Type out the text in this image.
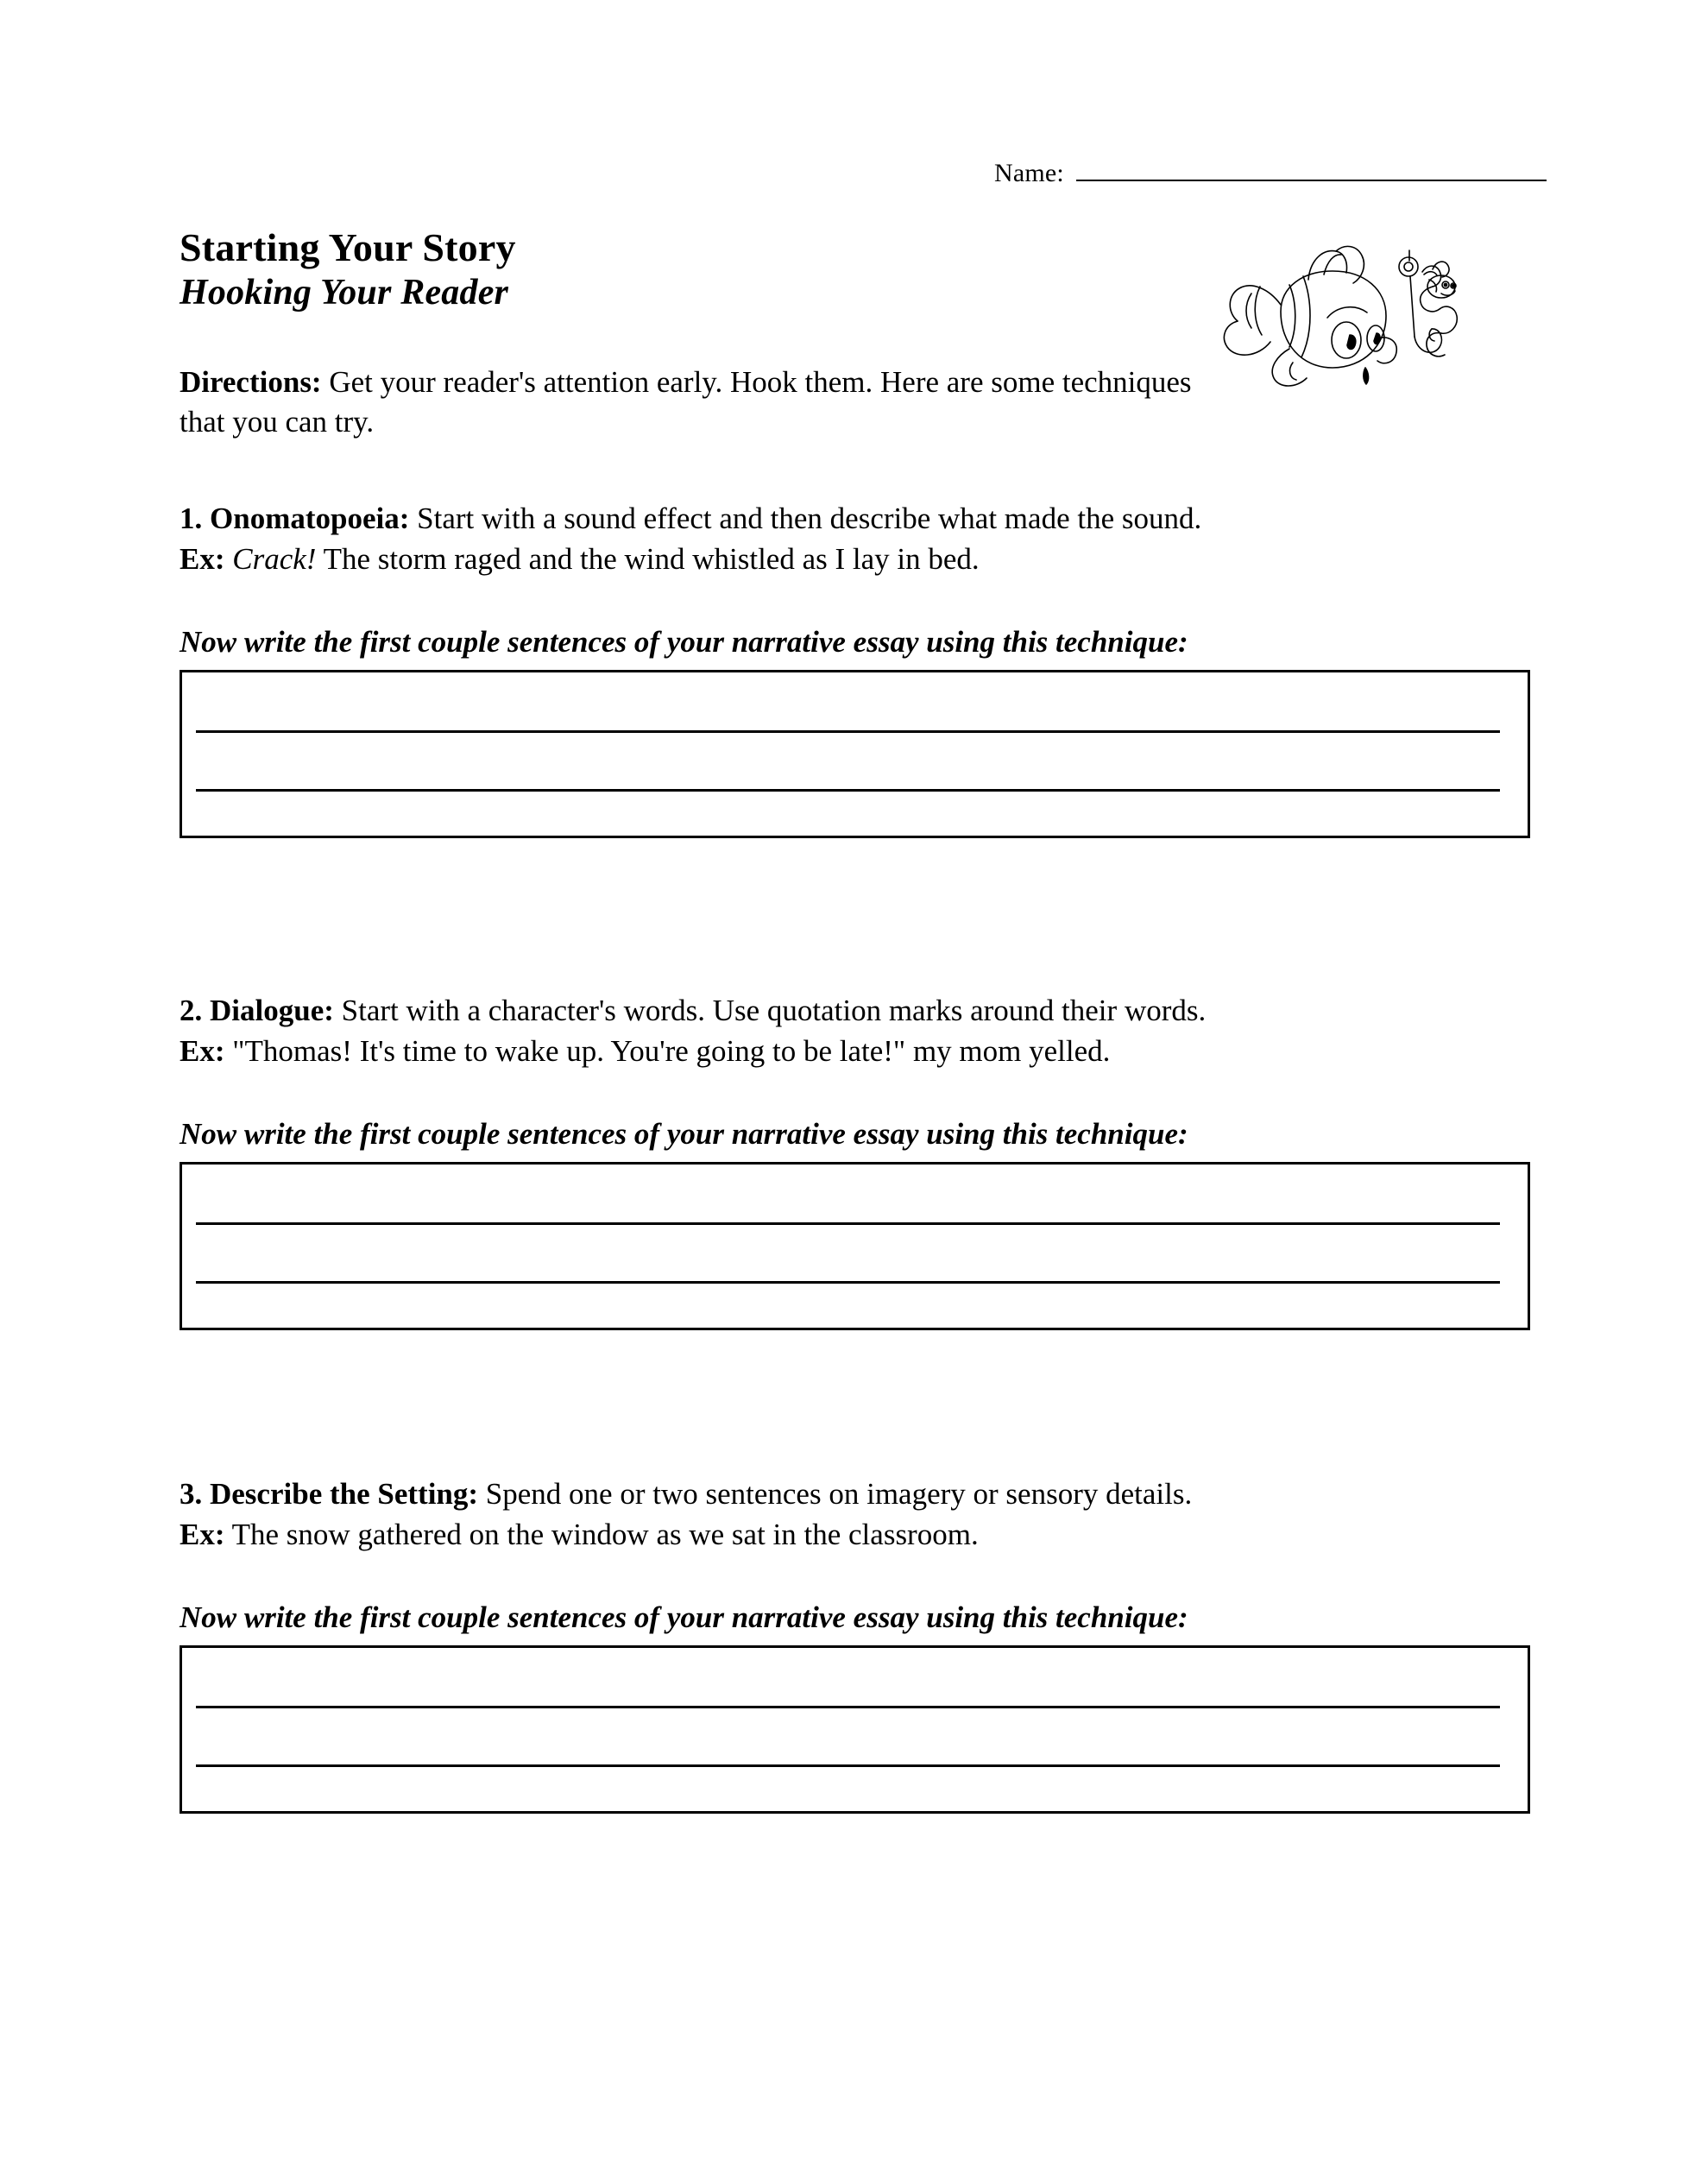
Name:
Starting Your Story
Hooking Your Reader
Directions: Get your reader's attention early. Hook them. Here are some techniques that you can try.
1. Onomatopoeia: Start with a sound effect and then describe what made the sound.
Ex: Crack! The storm raged and the wind whistled as I lay in bed.
Now write the first couple sentences of your narrative essay using this technique:
2. Dialogue: Start with a character's words. Use quotation marks around their words.
Ex: "Thomas! It's time to wake up. You're going to be late!" my mom yelled.
Now write the first couple sentences of your narrative essay using this technique:
3. Describe the Setting: Spend one or two sentences on imagery or sensory details.
Ex: The snow gathered on the window as we sat in the classroom.
Now write the first couple sentences of your narrative essay using this technique:
